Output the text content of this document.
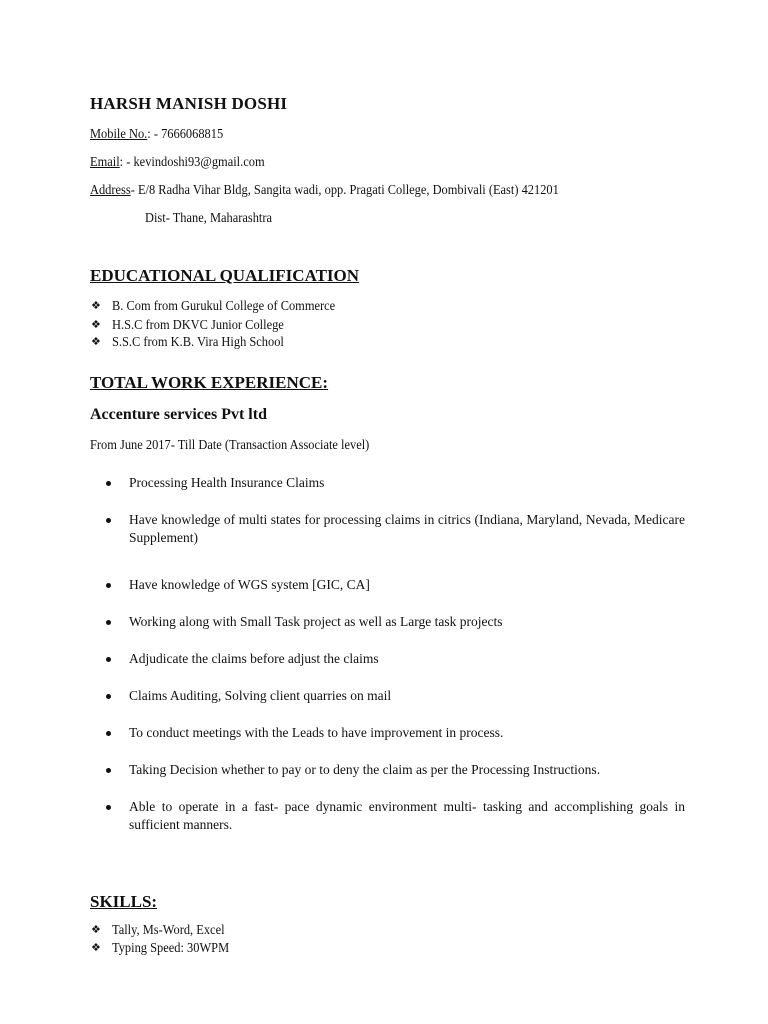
HARSH MANISH DOSHI
Mobile No.: - 7666068815
Email: - kevindoshi93@gmail.com
Address- E/8 Radha Vihar Bldg, Sangita wadi, opp. Pragati College, Dombivali (East) 421201
Dist- Thane, Maharashtra
EDUCATIONAL QUALIFICATION
❖ B. Com from Gurukul College of Commerce
❖ H.S.C from DKVC Junior College
❖ S.S.C from K.B. Vira High School
TOTAL WORK EXPERIENCE:
Accenture services Pvt ltd
From June 2017- Till Date (Transaction Associate level)
Processing Health Insurance Claims
Have knowledge of multi states for processing claims in citrics (Indiana, Maryland, Nevada, Medicare Supplement)
Have knowledge of WGS system [GIC, CA]
Working along with Small Task project as well as Large task projects
Adjudicate the claims before adjust the claims
Claims Auditing, Solving client quarries on mail
To conduct meetings with the Leads to have improvement in process.
Taking Decision whether to pay or to deny the claim as per the Processing Instructions.
Able to operate in a fast- pace dynamic environment multi- tasking and accomplishing goals in sufficient manners.
SKILLS:
❖ Tally, Ms-Word, Excel
❖ Typing Speed: 30WPM
